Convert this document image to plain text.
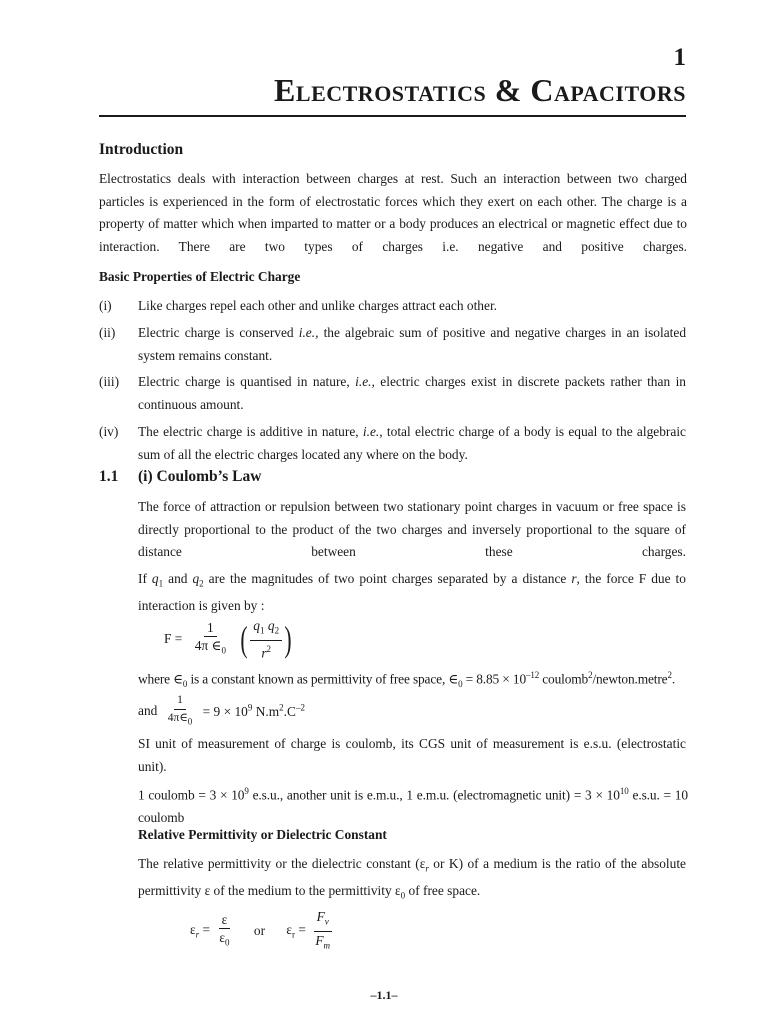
1
Electrostatics & Capacitors
Introduction
Electrostatics deals with interaction between charges at rest. Such an interaction between two charged particles is experienced in the form of electrostatic forces which they exert on each other. The charge is a property of matter which when imparted to matter or a body produces an electrical or magnetic effect due to interaction. There are two types of charges i.e. negative and positive charges.
Basic Properties of Electric Charge
(i) Like charges repel each other and unlike charges attract each other.
(ii) Electric charge is conserved i.e., the algebraic sum of positive and negative charges in an isolated system remains constant.
(iii) Electric charge is quantised in nature, i.e., electric charges exist in discrete packets rather than in continuous amount.
(iv) The electric charge is additive in nature, i.e., total electric charge of a body is equal to the algebraic sum of all the electric charges located any where on the body.
1.1 (i) Coulomb’s Law
The force of attraction or repulsion between two stationary point charges in vacuum or free space is directly proportional to the product of the two charges and inversely proportional to the square of distance between these charges.
If $q_1$ and $q_2$ are the magnitudes of two point charges separated by a distance r, the force F due to interaction is given by :
$F = \frac{1}{4\pi \in_0}$
( $\frac{q_1 q_2}{r^2}$ )
where $\in_0$ is a constant known as permittivity of free space, $\in_0 = 8.85 \times 10^{-12}$ coulomb$^2$/newton.metre$^2$.
and $\frac{1}{4\pi\in_0} = 9 \times 10^9$ $N.m^2.C^{-2}$
SI unit of measurement of charge is coulomb, its CGS unit of measurement is e.s.u. (electrostatic unit).
1 coulomb = $3 \times 10^9$ e.s.u., another unit is e.m.u., 1 e.m.u. (electromagnetic unit) = $3 \times 10^{10}$ e.s.u. = 10 coulomb
Relative Permittivity or Dielectric Constant
The relative permittivity or the dielectric constant ($\varepsilon_r$ or K) of a medium is the ratio of the absolute permittivity ε of the medium to the permittivity $\varepsilon_0$ of free space.
$\varepsilon_r = \frac{\varepsilon}{\varepsilon_0}$ or $\varepsilon_r = \frac{F_v}{F_m}$
–1.1–
